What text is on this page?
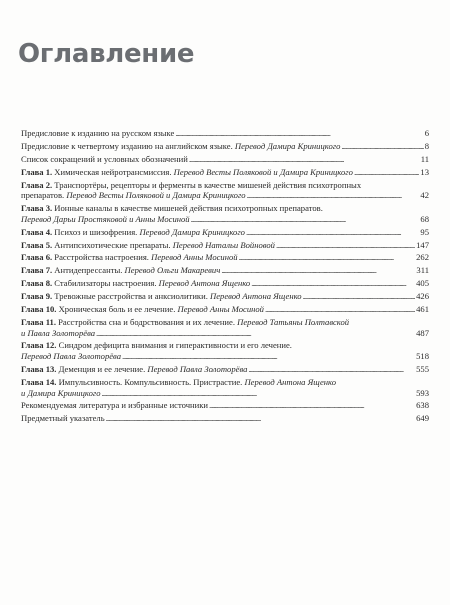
Оглавление
Предисловие к изданию на русском языке . . .	6
Предисловие к четвертому изданию на английском языке. Перевод Дамира Криницкого . . .	8
Список сокращений и условных обозначений . . .	11
Глава 1. Химическая нейротрансмиссия. Перевод Весты Поляковой и Дамира Криницкого . . .	13
Глава 2. Транспортёры, рецепторы и ферменты в качестве мишеней действия психотропных
препаратов. Перевод Весты Поляковой и Дамира Криницкого . . .	42
Глава 3. Ионные каналы в качестве мишеней действия психотропных препаратов.
Перевод Дарьи Простяковой и Анны Мосиной . . .	68
Глава 4. Психоз и шизофрения. Перевод Дамира Криницкого . . .	95
Глава 5. Антипсихотические препараты. Перевод Натальи Войновой . . .	147
Глава 6. Расстройства настроения. Перевод Анны Мосиной . . .	262
Глава 7. Антидепрессанты. Перевод Ольги Макаревич . . .	311
Глава 8. Стабилизаторы настроения. Перевод Антона Ященко . . .	405
Глава 9. Тревожные расстройства и анксиолитики. Перевод Антона Ященко . . .	426
Глава 10. Хроническая боль и ее лечение. Перевод Анны Мосиной . . .	461
Глава 11. Расстройства сна и бодрствования и их лечение. Перевод Татьяны Полтавской
и Павла Золоторёва . . .	487
Глава 12. Синдром дефицита внимания и гиперактивности и его лечение.
Перевод Павла Золоторёва . . .	518
Глава 13. Деменция и ее лечение. Перевод Павла Золоторёва . . .	555
Глава 14. Импульсивность. Компульсивность. Пристрастие. Перевод Антона Ященко
и Дамира Криницкого . . .	593
Рекомендуемая литература и избранные источники . . .	638
Предметный указатель . . .	649
